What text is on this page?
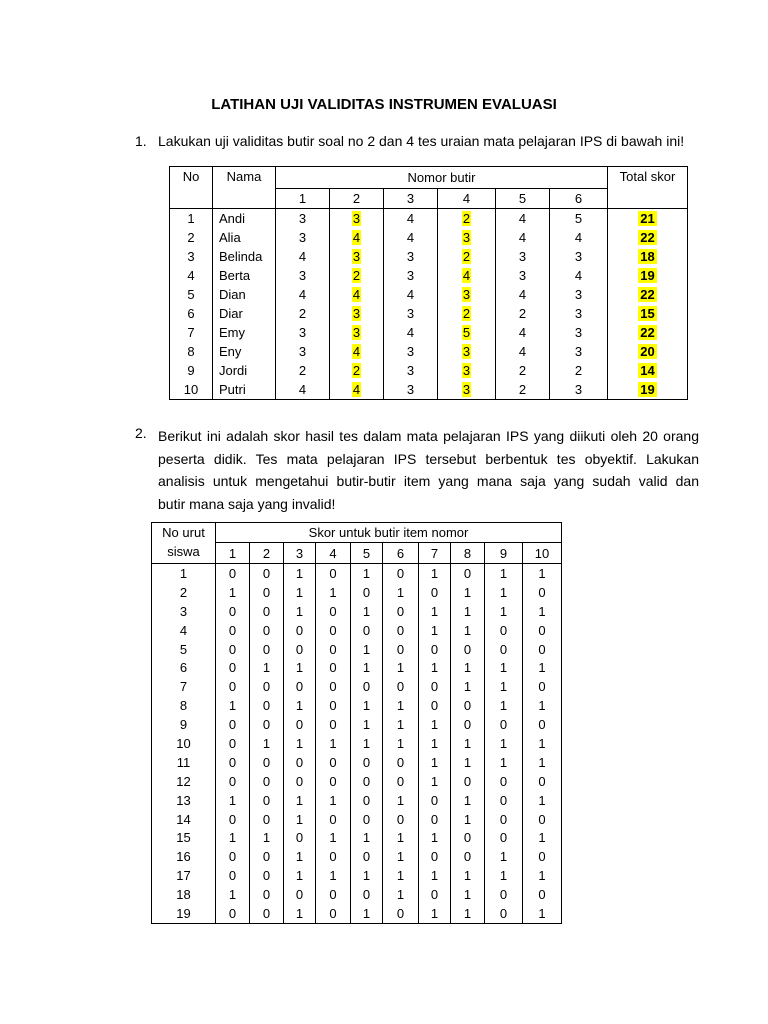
LATIHAN UJI VALIDITAS INSTRUMEN EVALUASI
1. Lakukan uji validitas butir soal no 2 dan 4 tes uraian mata pelajaran IPS di bawah ini!
No	Nama	Nomor butir						Total skor
		1	2	3	4	5	6	
1	Andi	3	3	4	2	4	5	21
2	Alia	3	4	4	3	4	4	22
3	Belinda	4	3	3	2	3	3	18
4	Berta	3	2	3	4	3	4	19
5	Dian	4	4	4	3	4	3	22
6	Diar	2	3	3	2	2	3	15
7	Emy	3	3	4	5	4	3	22
8	Eny	3	4	3	3	4	3	20
9	Jordi	2	2	3	3	2	2	14
10	Putri	4	4	3	3	2	3	19
2. Berikut ini adalah skor hasil tes dalam mata pelajaran IPS yang diikuti oleh 20 orang
peserta didik. Tes mata pelajaran IPS tersebut berbentuk tes obyektif. Lakukan
analisis untuk mengetahui butir-butir item yang mana saja yang sudah valid dan
butir mana saja yang invalid!
No urut
siswa	Skor untuk butir item nomor									
	1	2	3	4	5	6	7	8	9	10
1	0	0	1	0	1	0	1	0	1	1
2	1	0	1	1	0	1	0	1	1	0
3	0	0	1	0	1	0	1	1	1	1
4	0	0	0	0	0	0	1	1	0	0
5	0	0	0	0	1	0	0	0	0	0
6	0	1	1	0	1	1	1	1	1	1
7	0	0	0	0	0	0	0	1	1	0
8	1	0	1	0	1	1	0	0	1	1
9	0	0	0	0	1	1	1	0	0	0
10	0	1	1	1	1	1	1	1	1	1
11	0	0	0	0	0	0	1	1	1	1
12	0	0	0	0	0	0	1	0	0	0
13	1	0	1	1	0	1	0	1	0	1
14	0	0	1	0	0	0	0	1	0	0
15	1	1	0	1	1	1	1	0	0	1
16	0	0	1	0	0	1	0	0	1	0
17	0	0	1	1	1	1	1	1	1	1
18	1	0	0	0	0	1	0	1	0	0
19	0	0	1	0	1	0	1	1	0	1
